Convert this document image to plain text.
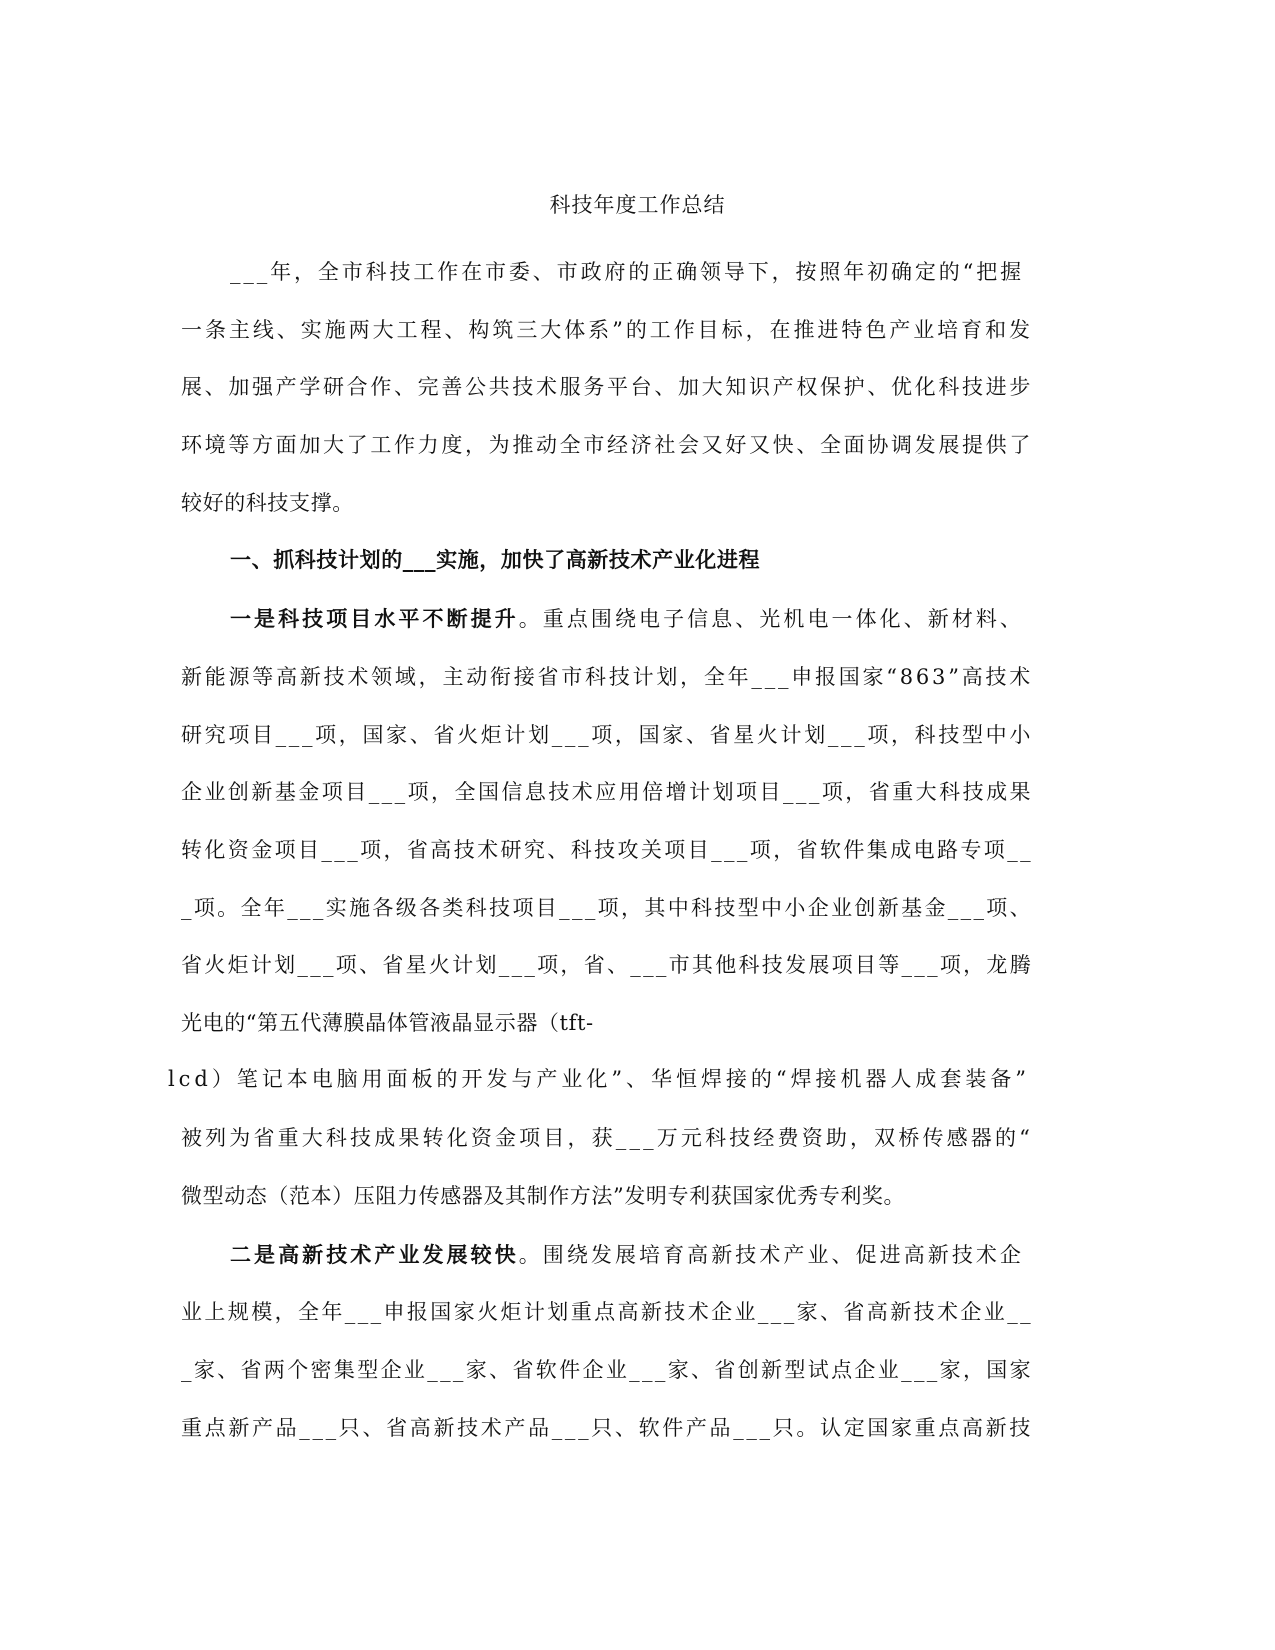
科技年度工作总结
___年，全市科技工作在市委、市政府的正确领导下，按照年初确定的“把握
一条主线、实施两大工程、构筑三大体系”的工作目标，在推进特色产业培育和发
展、加强产学研合作、完善公共技术服务平台、加大知识产权保护、优化科技进步
环境等方面加大了工作力度，为推动全市经济社会又好又快、全面协调发展提供了
较好的科技支撑。
一、抓科技计划的___实施，加快了高新技术产业化进程
一是科技项目水平不断提升。重点围绕电子信息、光机电一体化、新材料、
新能源等高新技术领域，主动衔接省市科技计划，全年___申报国家“863”高技术
研究项目___项，国家、省火炬计划___项，国家、省星火计划___项，科技型中小
企业创新基金项目___项，全国信息技术应用倍增计划项目___项，省重大科技成果
转化资金项目___项，省高技术研究、科技攻关项目___项，省软件集成电路专项__
_项。全年___实施各级各类科技项目___项，其中科技型中小企业创新基金___项、
省火炬计划___项、省星火计划___项，省、___市其他科技发展项目等___项，龙腾
光电的“第五代薄膜晶体管液晶显示器（tft-
lcd）笔记本电脑用面板的开发与产业化”、华恒焊接的“焊接机器人成套装备”
被列为省重大科技成果转化资金项目，获___万元科技经费资助，双桥传感器的“
微型动态（范本）压阻力传感器及其制作方法”发明专利获国家优秀专利奖。
二是高新技术产业发展较快。围绕发展培育高新技术产业、促进高新技术企
业上规模，全年___申报国家火炬计划重点高新技术企业___家、省高新技术企业__
_家、省两个密集型企业___家、省软件企业___家、省创新型试点企业___家，国家
重点新产品___只、省高新技术产品___只、软件产品___只。认定国家重点高新技
